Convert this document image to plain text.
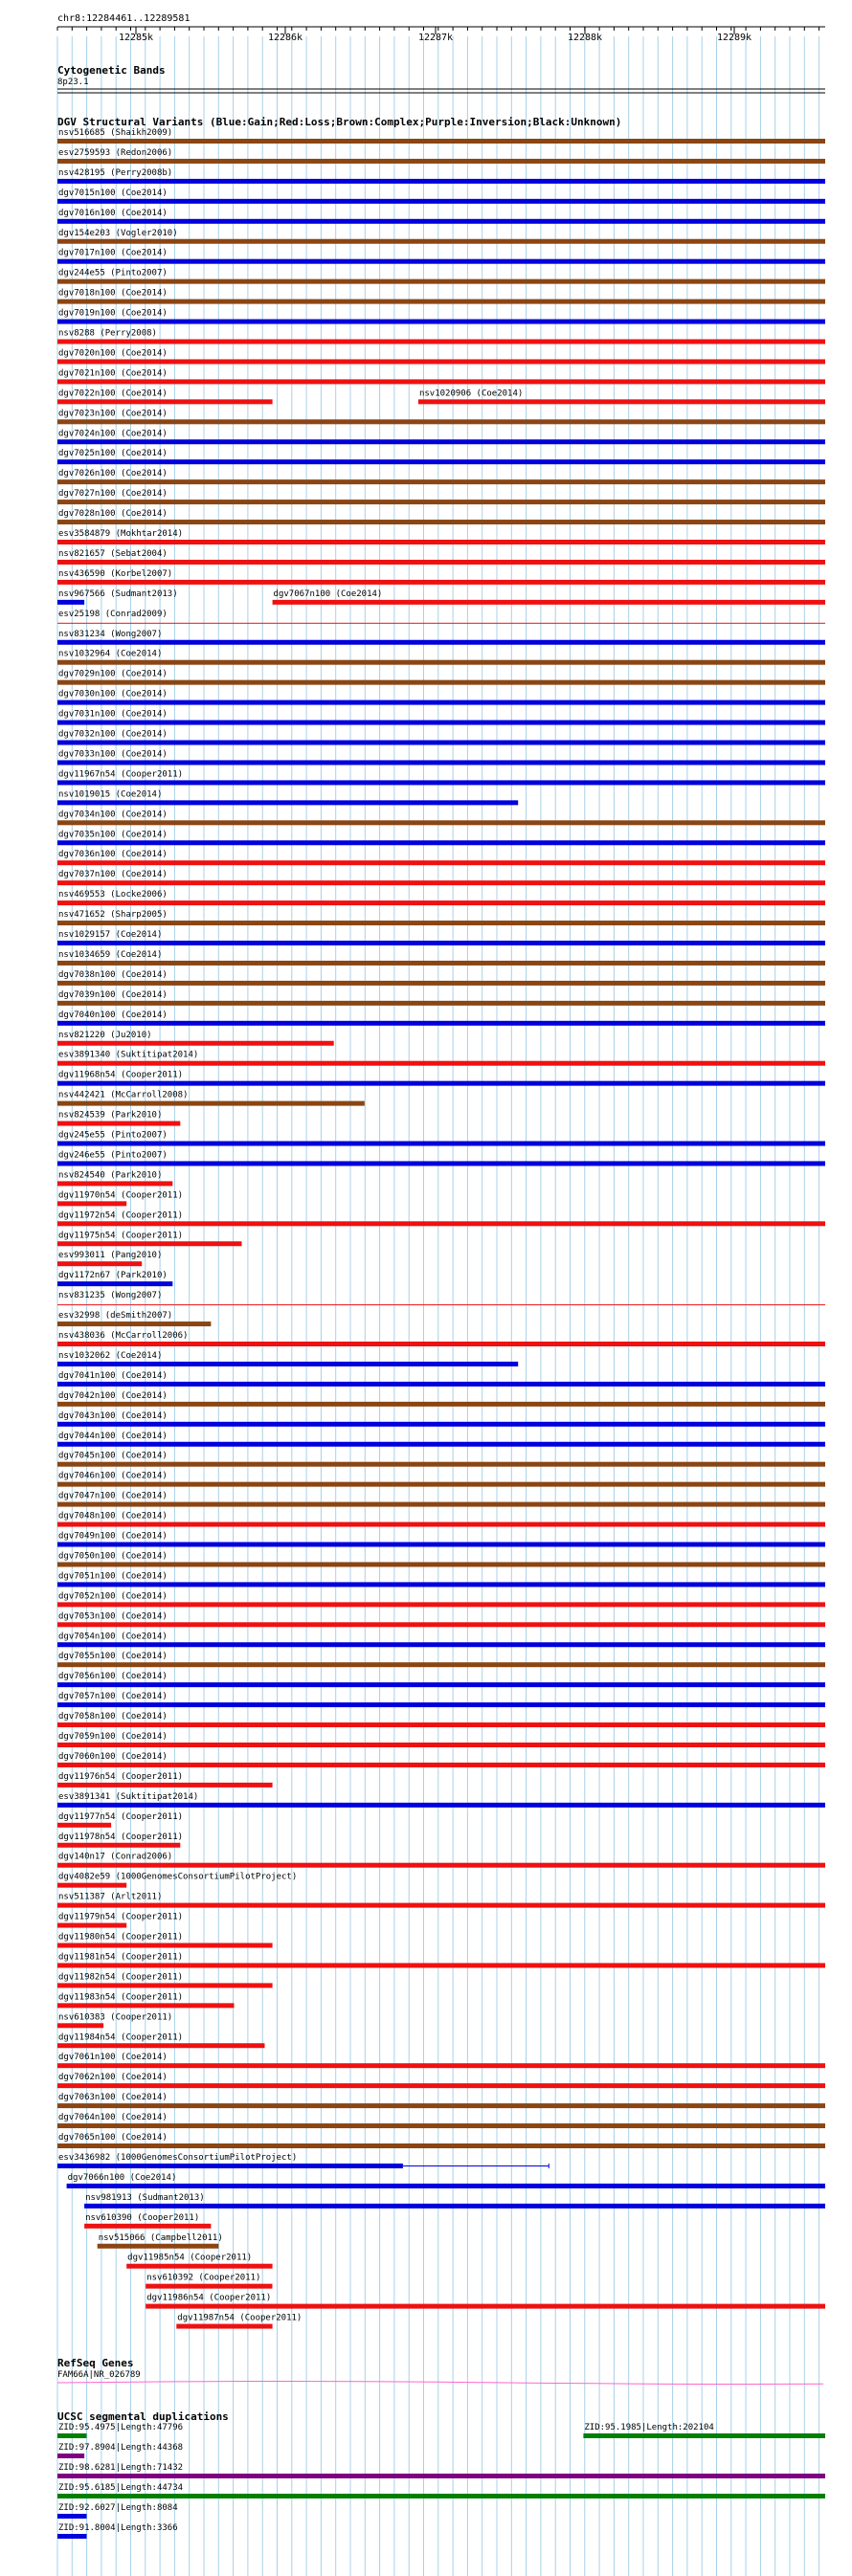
chr8:12284461..12289581
12285k	12286k	12287k	12288k	12289k
Cytogenetic Bands
8p23.1
DGV Structural Variants (Blue:Gain;Red:Loss;Brown:Complex;Purple:Inversion;Black:Unknown)
nsv516685 (Shaikh2009)
esv2759593 (Redon2006)
nsv428195 (Perry2008b)
dgv7015n100 (Coe2014)
dgv7016n100 (Coe2014)
dgv154e203 (Vogler2010)
dgv7017n100 (Coe2014)
dgv244e55 (Pinto2007)
dgv7018n100 (Coe2014)
dgv7019n100 (Coe2014)
nsv8288 (Perry2008)
dgv7020n100 (Coe2014)
dgv7021n100 (Coe2014)
dgv7022n100 (Coe2014)	nsv1020906 (Coe2014)
dgv7023n100 (Coe2014)
dgv7024n100 (Coe2014)
dgv7025n100 (Coe2014)
dgv7026n100 (Coe2014)
dgv7027n100 (Coe2014)
dgv7028n100 (Coe2014)
esv3584879 (Mokhtar2014)
nsv821657 (Sebat2004)
nsv436590 (Korbel2007)
nsv967566 (Sudmant2013)	dgv7067n100 (Coe2014)
esv25198 (Conrad2009)
nsv831234 (Wong2007)
nsv1032964 (Coe2014)
dgv7029n100 (Coe2014)
dgv7030n100 (Coe2014)
dgv7031n100 (Coe2014)
dgv7032n100 (Coe2014)
dgv7033n100 (Coe2014)
dgv11967n54 (Cooper2011)
nsv1019015 (Coe2014)
dgv7034n100 (Coe2014)
dgv7035n100 (Coe2014)
dgv7036n100 (Coe2014)
dgv7037n100 (Coe2014)
nsv469553 (Locke2006)
nsv471652 (Sharp2005)
nsv1029157 (Coe2014)
nsv1034659 (Coe2014)
dgv7038n100 (Coe2014)
dgv7039n100 (Coe2014)
dgv7040n100 (Coe2014)
nsv821220 (Ju2010)
esv3891340 (Suktitipat2014)
dgv11968n54 (Cooper2011)
nsv442421 (McCarroll2008)
nsv824539 (Park2010)
dgv245e55 (Pinto2007)
dgv246e55 (Pinto2007)
nsv824540 (Park2010)
dgv11970n54 (Cooper2011)
dgv11972n54 (Cooper2011)
dgv11975n54 (Cooper2011)
esv993011 (Pang2010)
dgv1172n67 (Park2010)
nsv831235 (Wong2007)
esv32998 (deSmith2007)
nsv438036 (McCarroll2006)
nsv1032062 (Coe2014)
dgv7041n100 (Coe2014)
dgv7042n100 (Coe2014)
dgv7043n100 (Coe2014)
dgv7044n100 (Coe2014)
dgv7045n100 (Coe2014)
dgv7046n100 (Coe2014)
dgv7047n100 (Coe2014)
dgv7048n100 (Coe2014)
dgv7049n100 (Coe2014)
dgv7050n100 (Coe2014)
dgv7051n100 (Coe2014)
dgv7052n100 (Coe2014)
dgv7053n100 (Coe2014)
dgv7054n100 (Coe2014)
dgv7055n100 (Coe2014)
dgv7056n100 (Coe2014)
dgv7057n100 (Coe2014)
dgv7058n100 (Coe2014)
dgv7059n100 (Coe2014)
dgv7060n100 (Coe2014)
dgv11976n54 (Cooper2011)
esv3891341 (Suktitipat2014)
dgv11977n54 (Cooper2011)
dgv11978n54 (Cooper2011)
dgv140n17 (Conrad2006)
dgv4082e59 (1000GenomesConsortiumPilotProject)
nsv511387 (Arlt2011)
dgv11979n54 (Cooper2011)
dgv11980n54 (Cooper2011)
dgv11981n54 (Cooper2011)
dgv11982n54 (Cooper2011)
dgv11983n54 (Cooper2011)
nsv610383 (Cooper2011)
dgv11984n54 (Cooper2011)
dgv7061n100 (Coe2014)
dgv7062n100 (Coe2014)
dgv7063n100 (Coe2014)
dgv7064n100 (Coe2014)
dgv7065n100 (Coe2014)
esv3436982 (1000GenomesConsortiumPilotProject)
dgv7066n100 (Coe2014)
nsv981913 (Sudmant2013)
nsv610390 (Cooper2011)
nsv515066 (Campbell2011)
dgv11985n54 (Cooper2011)
nsv610392 (Cooper2011)
dgv11986n54 (Cooper2011)
dgv11987n54 (Cooper2011)
RefSeq Genes
FAM66A|NR_026789
UCSC segmental duplications
ZID:95.4975|Length:47796	ZID:95.1985|Length:202104
ZID:97.8904|Length:44368
ZID:98.6281|Length:71432
ZID:95.6185|Length:44734
ZID:92.6027|Length:8084
ZID:91.8004|Length:3366
